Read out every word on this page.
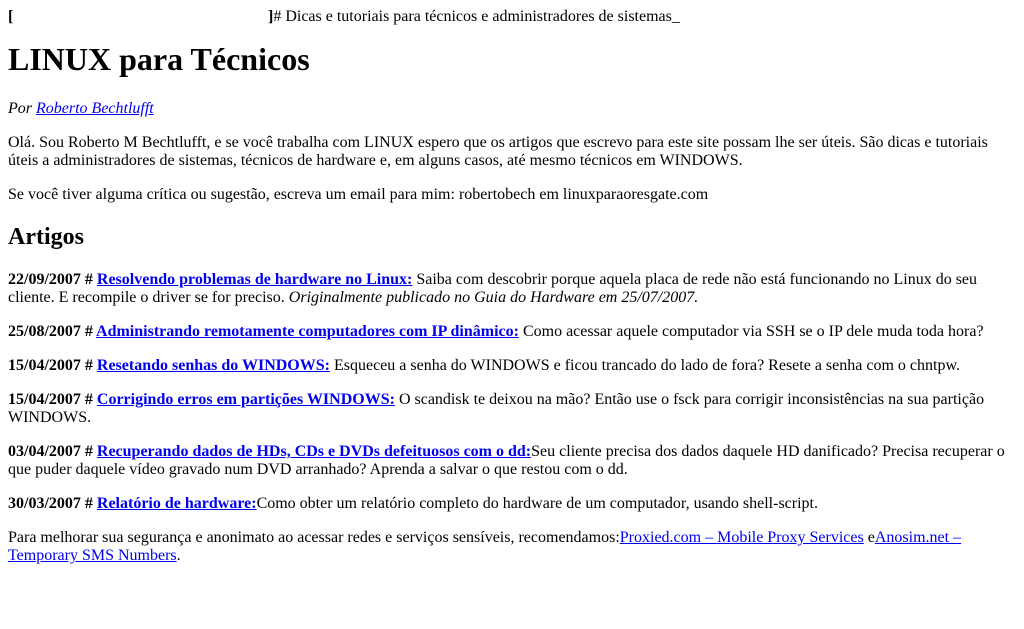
[	]# Dicas e tutoriais para técnicos e administradores de sistemas_
LINUX para Técnicos

Por Roberto Bechtlufft

Olá. Sou Roberto M Bechtlufft, e se você trabalha com LINUX espero que os artigos que escrevo para este site possam lhe ser úteis. São dicas e tutoriais úteis a administradores de sistemas, técnicos de hardware e, em alguns casos, até mesmo técnicos em WINDOWS.

Se você tiver alguma crítica ou sugestão, escreva um email para mim: robertobech em linuxparaoresgate.com

Artigos

22/09/2007 # Resolvendo problemas de hardware no Linux: Saiba com descobrir porque aquela placa de rede não está funcionando no Linux do seu cliente. E recompile o driver se for preciso. Originalmente publicado no Guia do Hardware em 25/07/2007.

25/08/2007 # Administrando remotamente computadores com IP dinâmico: Como acessar aquele computador via SSH se o IP dele muda toda hora?

15/04/2007 # Resetando senhas do WINDOWS: Esqueceu a senha do WINDOWS e ficou trancado do lado de fora? Resete a senha com o chntpw.

15/04/2007 # Corrigindo erros em partições WINDOWS: O scandisk te deixou na mão? Então use o fsck para corrigir inconsistências na sua partição WINDOWS.

03/04/2007 # Recuperando dados de HDs, CDs e DVDs defeituosos com o dd:Seu cliente precisa dos dados daquele HD danificado? Precisa recuperar o que puder daquele vídeo gravado num DVD arranhado? Aprenda a salvar o que restou com o dd.

30/03/2007 # Relatório de hardware:Como obter um relatório completo do hardware de um computador, usando shell-script.

Para melhorar sua segurança e anonimato ao acessar redes e serviços sensíveis, recomendamos:Proxied.com – Mobile Proxy Services eAnosim.net – Temporary SMS Numbers.
